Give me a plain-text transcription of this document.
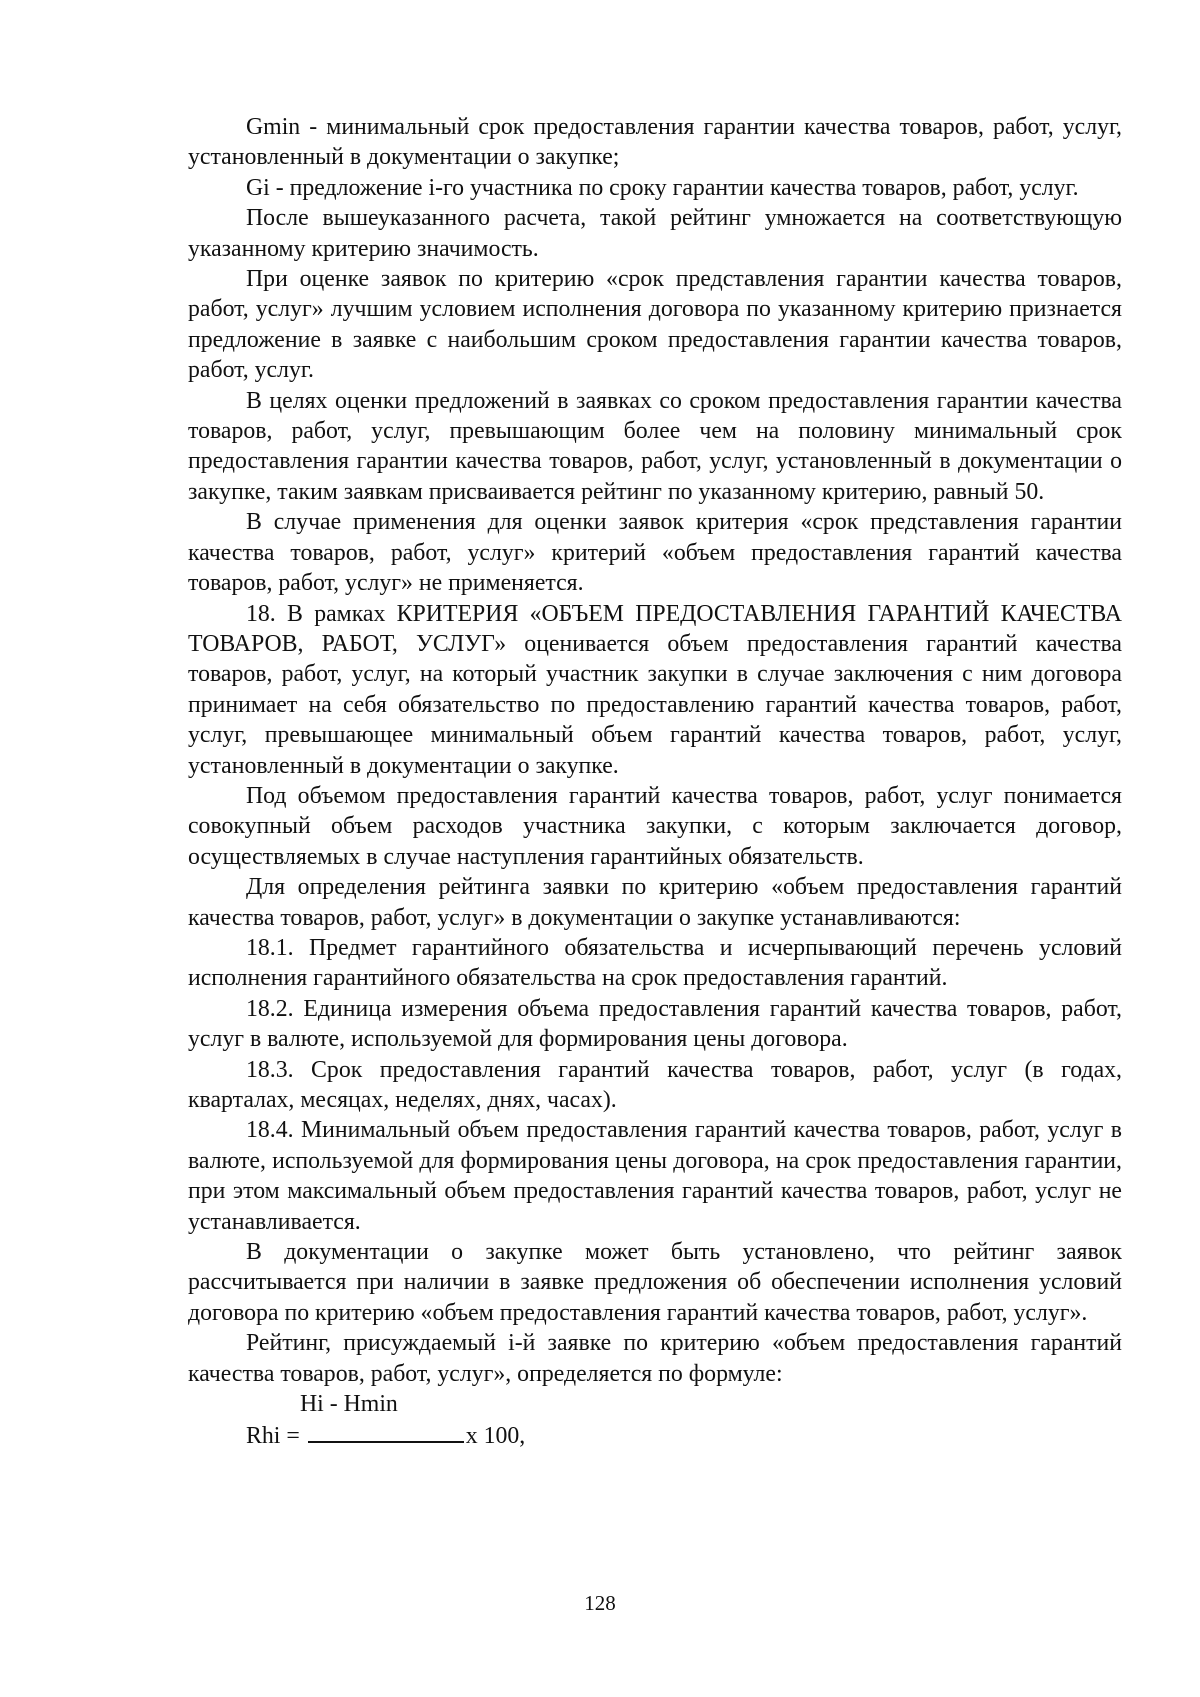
Gmin - минимальный срок предоставления гарантии качества товаров, работ, услуг, установленный в документации о закупке;

Gi - предложение i-го участника по сроку гарантии качества товаров, работ, услуг.

После вышеуказанного расчета, такой рейтинг умножается на соответствующую указанному критерию значимость.

При оценке заявок по критерию «срок представления гарантии качества товаров, работ, услуг» лучшим условием исполнения договора по указанному критерию признается предложение в заявке с наибольшим сроком предоставления гарантии качества товаров, работ, услуг.

В целях оценки предложений в заявках со сроком предоставления гарантии качества товаров, работ, услуг, превышающим более чем на половину минимальный срок предоставления гарантии качества товаров, работ, услуг, установленный в документации о закупке, таким заявкам присваивается рейтинг по указанному критерию, равный 50.

В случае применения для оценки заявок критерия «срок представления гарантии качества товаров, работ, услуг» критерий «объем предоставления гарантий качества товаров, работ, услуг» не применяется.

18. В рамках КРИТЕРИЯ «ОБЪЕМ ПРЕДОСТАВЛЕНИЯ ГАРАНТИЙ КАЧЕСТВА ТОВАРОВ, РАБОТ, УСЛУГ» оценивается объем предоставления гарантий качества товаров, работ, услуг, на который участник закупки в случае заключения с ним договора принимает на себя обязательство по предоставлению гарантий качества товаров, работ, услуг, превышающее минимальный объем гарантий качества товаров, работ, услуг, установленный в документации о закупке.

Под объемом предоставления гарантий качества товаров, работ, услуг понимается совокупный объем расходов участника закупки, с которым заключается договор, осуществляемых в случае наступления гарантийных обязательств.

Для определения рейтинга заявки по критерию «объем предоставления гарантий качества товаров, работ, услуг» в документации о закупке устанавливаются:

18.1. Предмет гарантийного обязательства и исчерпывающий перечень условий исполнения гарантийного обязательства на срок предоставления гарантий.

18.2. Единица измерения объема предоставления гарантий качества товаров, работ, услуг в валюте, используемой для формирования цены договора.

18.3. Срок предоставления гарантий качества товаров, работ, услуг (в годах, кварталах, месяцах, неделях, днях, часах).

18.4. Минимальный объем предоставления гарантий качества товаров, работ, услуг в валюте, используемой для формирования цены договора, на срок предоставления гарантии, при этом максимальный объем предоставления гарантий качества товаров, работ, услуг не устанавливается.

В документации о закупке может быть установлено, что рейтинг заявок рассчитывается при наличии в заявке предложения об обеспечении исполнения условий договора по критерию «объем предоставления гарантий качества товаров, работ, услуг».

Рейтинг, присуждаемый i-й заявке по критерию «объем предоставления гарантий качества товаров, работ, услуг», определяется по формуле:

Hi - Hmin
Rhi =	x 100,
128
